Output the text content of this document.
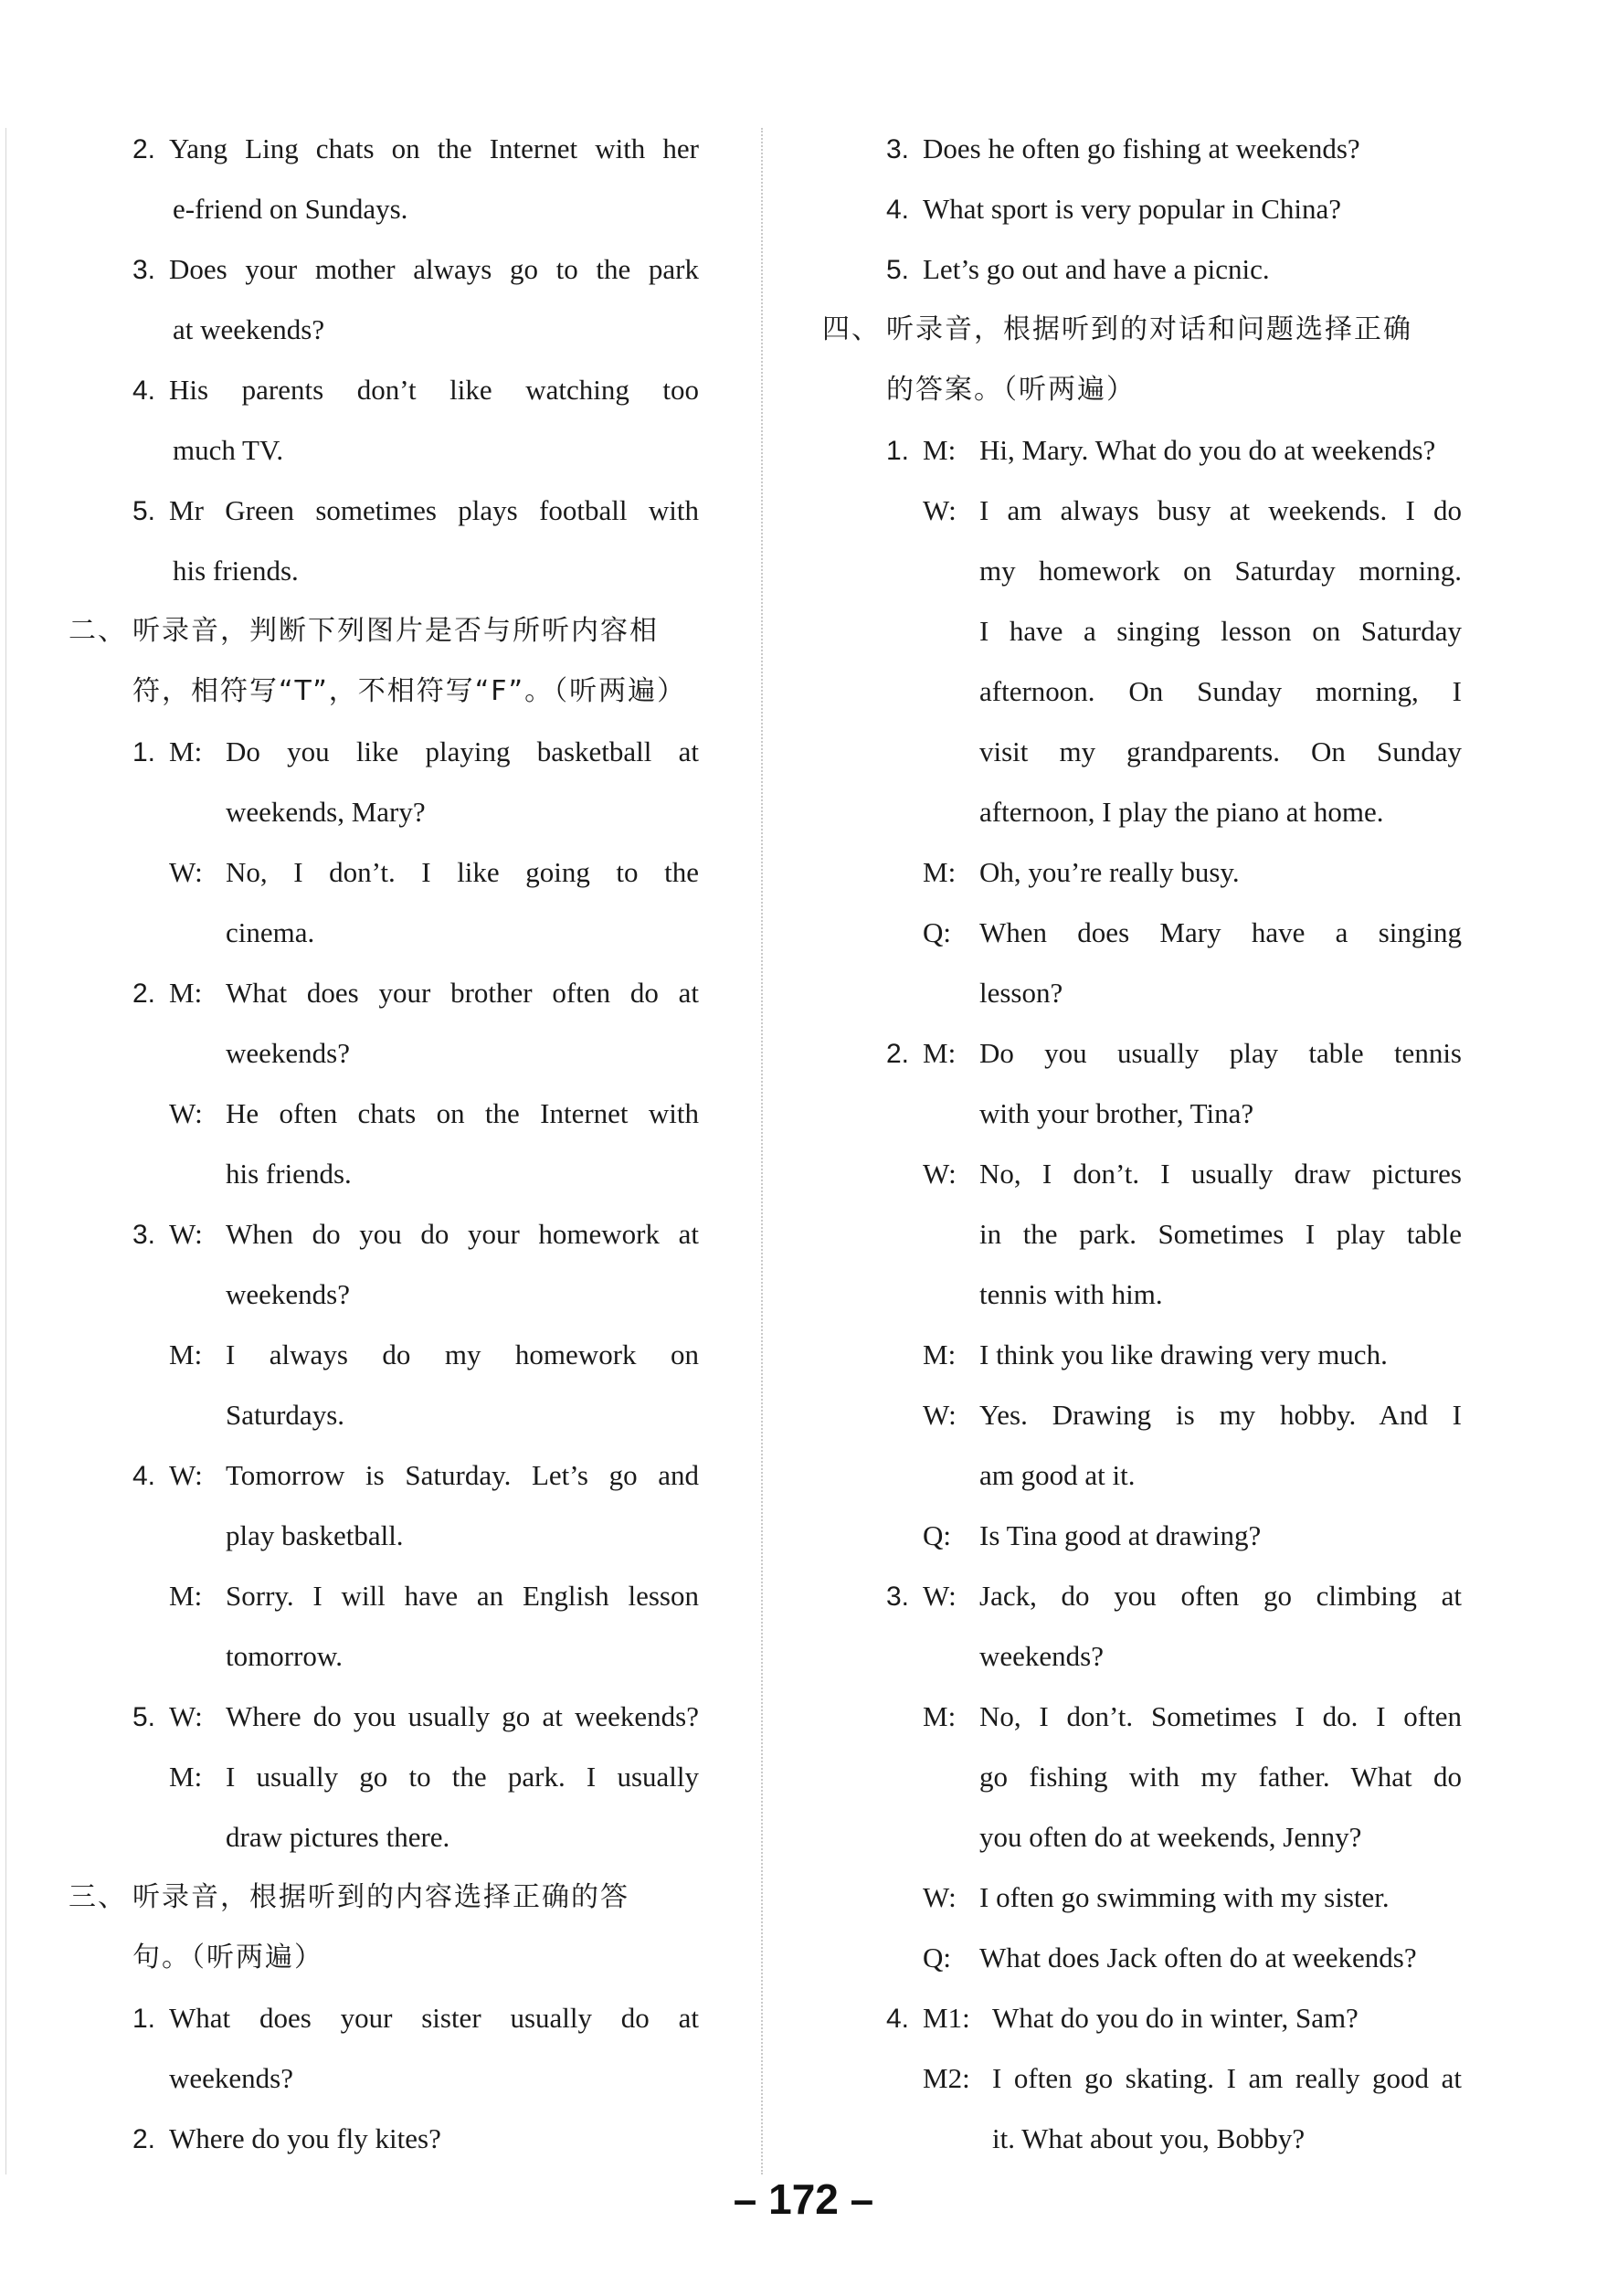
2. Yang Ling chats on the Internet with her
e-friend on Sundays.
3. Does your mother always go to the park
at weekends?
4. His parents don’t like watching too
much TV.
5. Mr Green sometimes plays football with
his friends.
二、 听录音，判断下列图片是否与所听内容相
符，相符写“T”，不相符写“F”。（听两遍）
1. M: Do you like playing basketball at
weekends, Mary?
W: No, I don’t. I like going to the
cinema.
2. M: What does your brother often do at
weekends?
W: He often chats on the Internet with
his friends.
3. W: When do you do your homework at
weekends?
M: I always do my homework on
Saturdays.
4. W: Tomorrow is Saturday. Let’s go and
play basketball.
M: Sorry. I will have an English lesson
tomorrow.
5. W: Where do you usually go at weekends?
M: I usually go to the park. I usually
draw pictures there.
三、 听录音，根据听到的内容选择正确的答
句。（听两遍）
1. What does your sister usually do at
weekends?
2. Where do you fly kites?
3. Does he often go fishing at weekends?
4. What sport is very popular in China?
5. Let’s go out and have a picnic.
四、 听录音，根据听到的对话和问题选择正确
的答案。（听两遍）
1. M: Hi, Mary. What do you do at weekends?
W: I am always busy at weekends. I do
my homework on Saturday morning.
I have a singing lesson on Saturday
afternoon. On Sunday morning, I
visit my grandparents. On Sunday
afternoon, I play the piano at home.
M: Oh, you’re really busy.
Q: When does Mary have a singing
lesson?
2. M: Do you usually play table tennis
with your brother, Tina?
W: No, I don’t. I usually draw pictures
in the park. Sometimes I play table
tennis with him.
M: I think you like drawing very much.
W: Yes. Drawing is my hobby. And I
am good at it.
Q: Is Tina good at drawing?
3. W: Jack, do you often go climbing at
weekends?
M: No, I don’t. Sometimes I do. I often
go fishing with my father. What do
you often do at weekends, Jenny?
W: I often go swimming with my sister.
Q: What does Jack often do at weekends?
4. M1: What do you do in winter, Sam?
M2: I often go skating. I am really good at
it. What about you, Bobby?
– 172 –
